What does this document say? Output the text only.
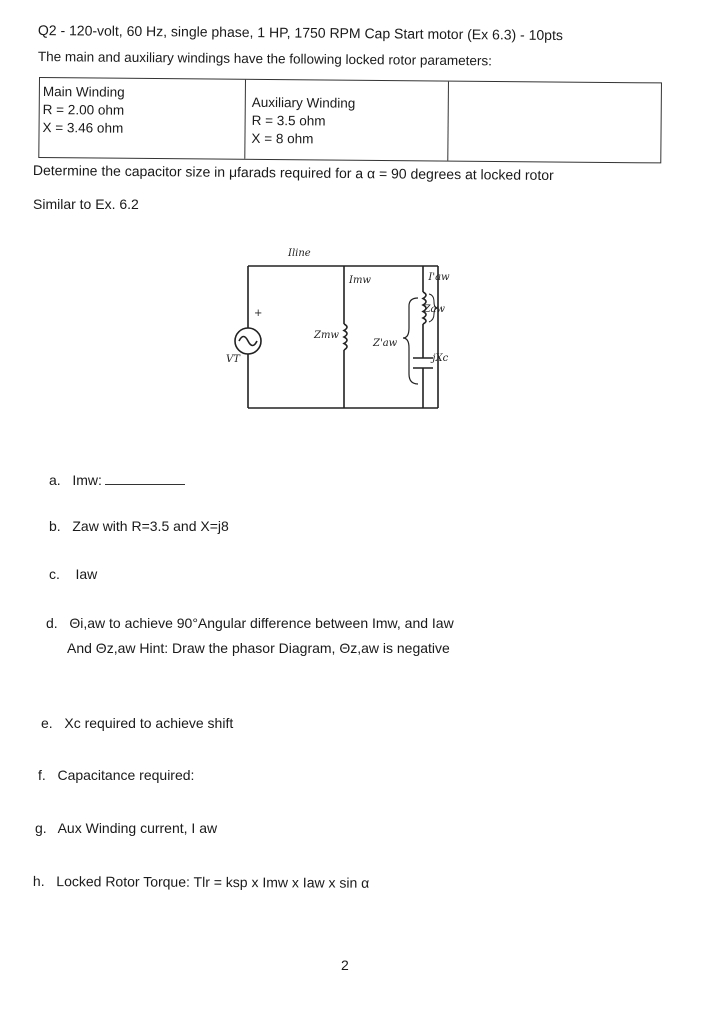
Q2 - 120-volt, 60 Hz, single phase, 1 HP, 1750 RPM Cap Start motor (Ex 6.3) - 10pts
The main and auxiliary windings have the following locked rotor parameters:
Main Winding
R = 2.00 ohm
X = 3.46 ohm
Auxiliary Winding
R = 3.5 ohm
X = 8 ohm
Determine the capacitor size in μfarads required for a α = 90 degrees at locked rotor
Similar to Ex. 6.2
Iline
Imw	I'aw
Zaw
Zmw
Z'aw
-jXc
VT
+
a. Imw:
b. Zaw with R=3.5 and X=j8
c. Iaw
d. Θi,aw to achieve 90°Angular difference between Imw, and Iaw
And Θz,aw Hint: Draw the phasor Diagram, Θz,aw is negative
e. Xc required to achieve shift
f. Capacitance required:
g. Aux Winding current, I aw
h. Locked Rotor Torque: Tlr = ksp x Imw x Iaw x sin α
2
